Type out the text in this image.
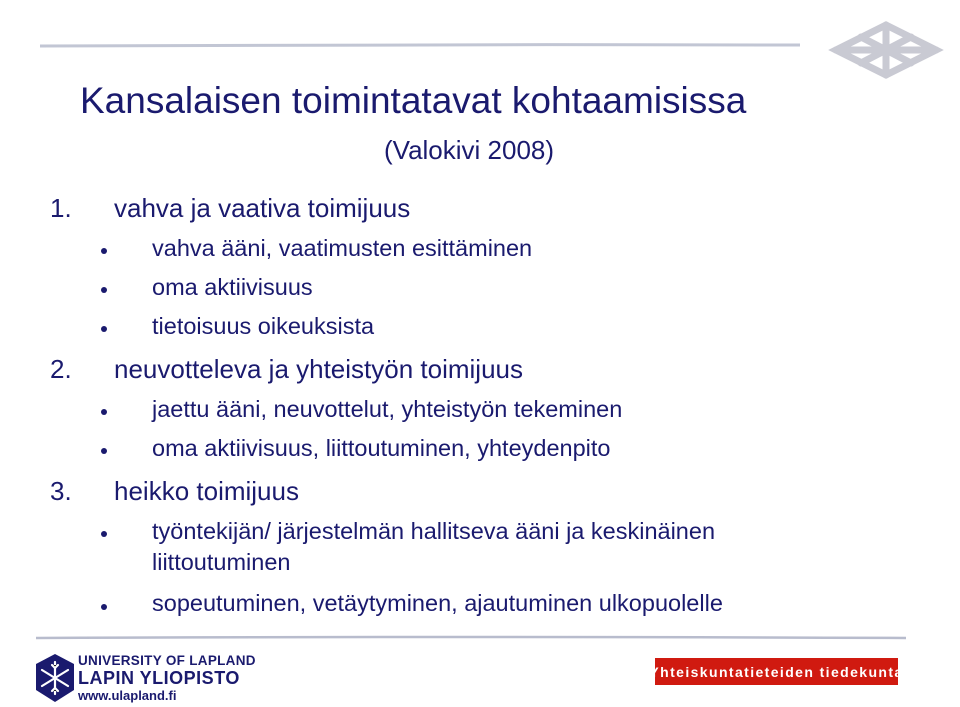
Kansalaisen toimintatavat kohtaamisissa
(Valokivi 2008)
1. vahva ja vaativa toimijuus
vahva ääni, vaatimusten esittäminen
oma aktiivisuus
tietoisuus oikeuksista
2. neuvotteleva ja yhteistyön toimijuus
jaettu ääni, neuvottelut, yhteistyön tekeminen
oma aktiivisuus, liittoutuminen, yhteydenpito
3. heikko toimijuus
työntekijän/ järjestelmän hallitseva ääni ja keskinäinen
liittoutuminen
sopeutuminen, vetäytyminen, ajautuminen ulkopuolelle
UNIVERSITY OF LAPLAND
LAPIN YLIOPISTO
www.ulapland.fi
Yhteiskuntatieteiden tiedekunta
